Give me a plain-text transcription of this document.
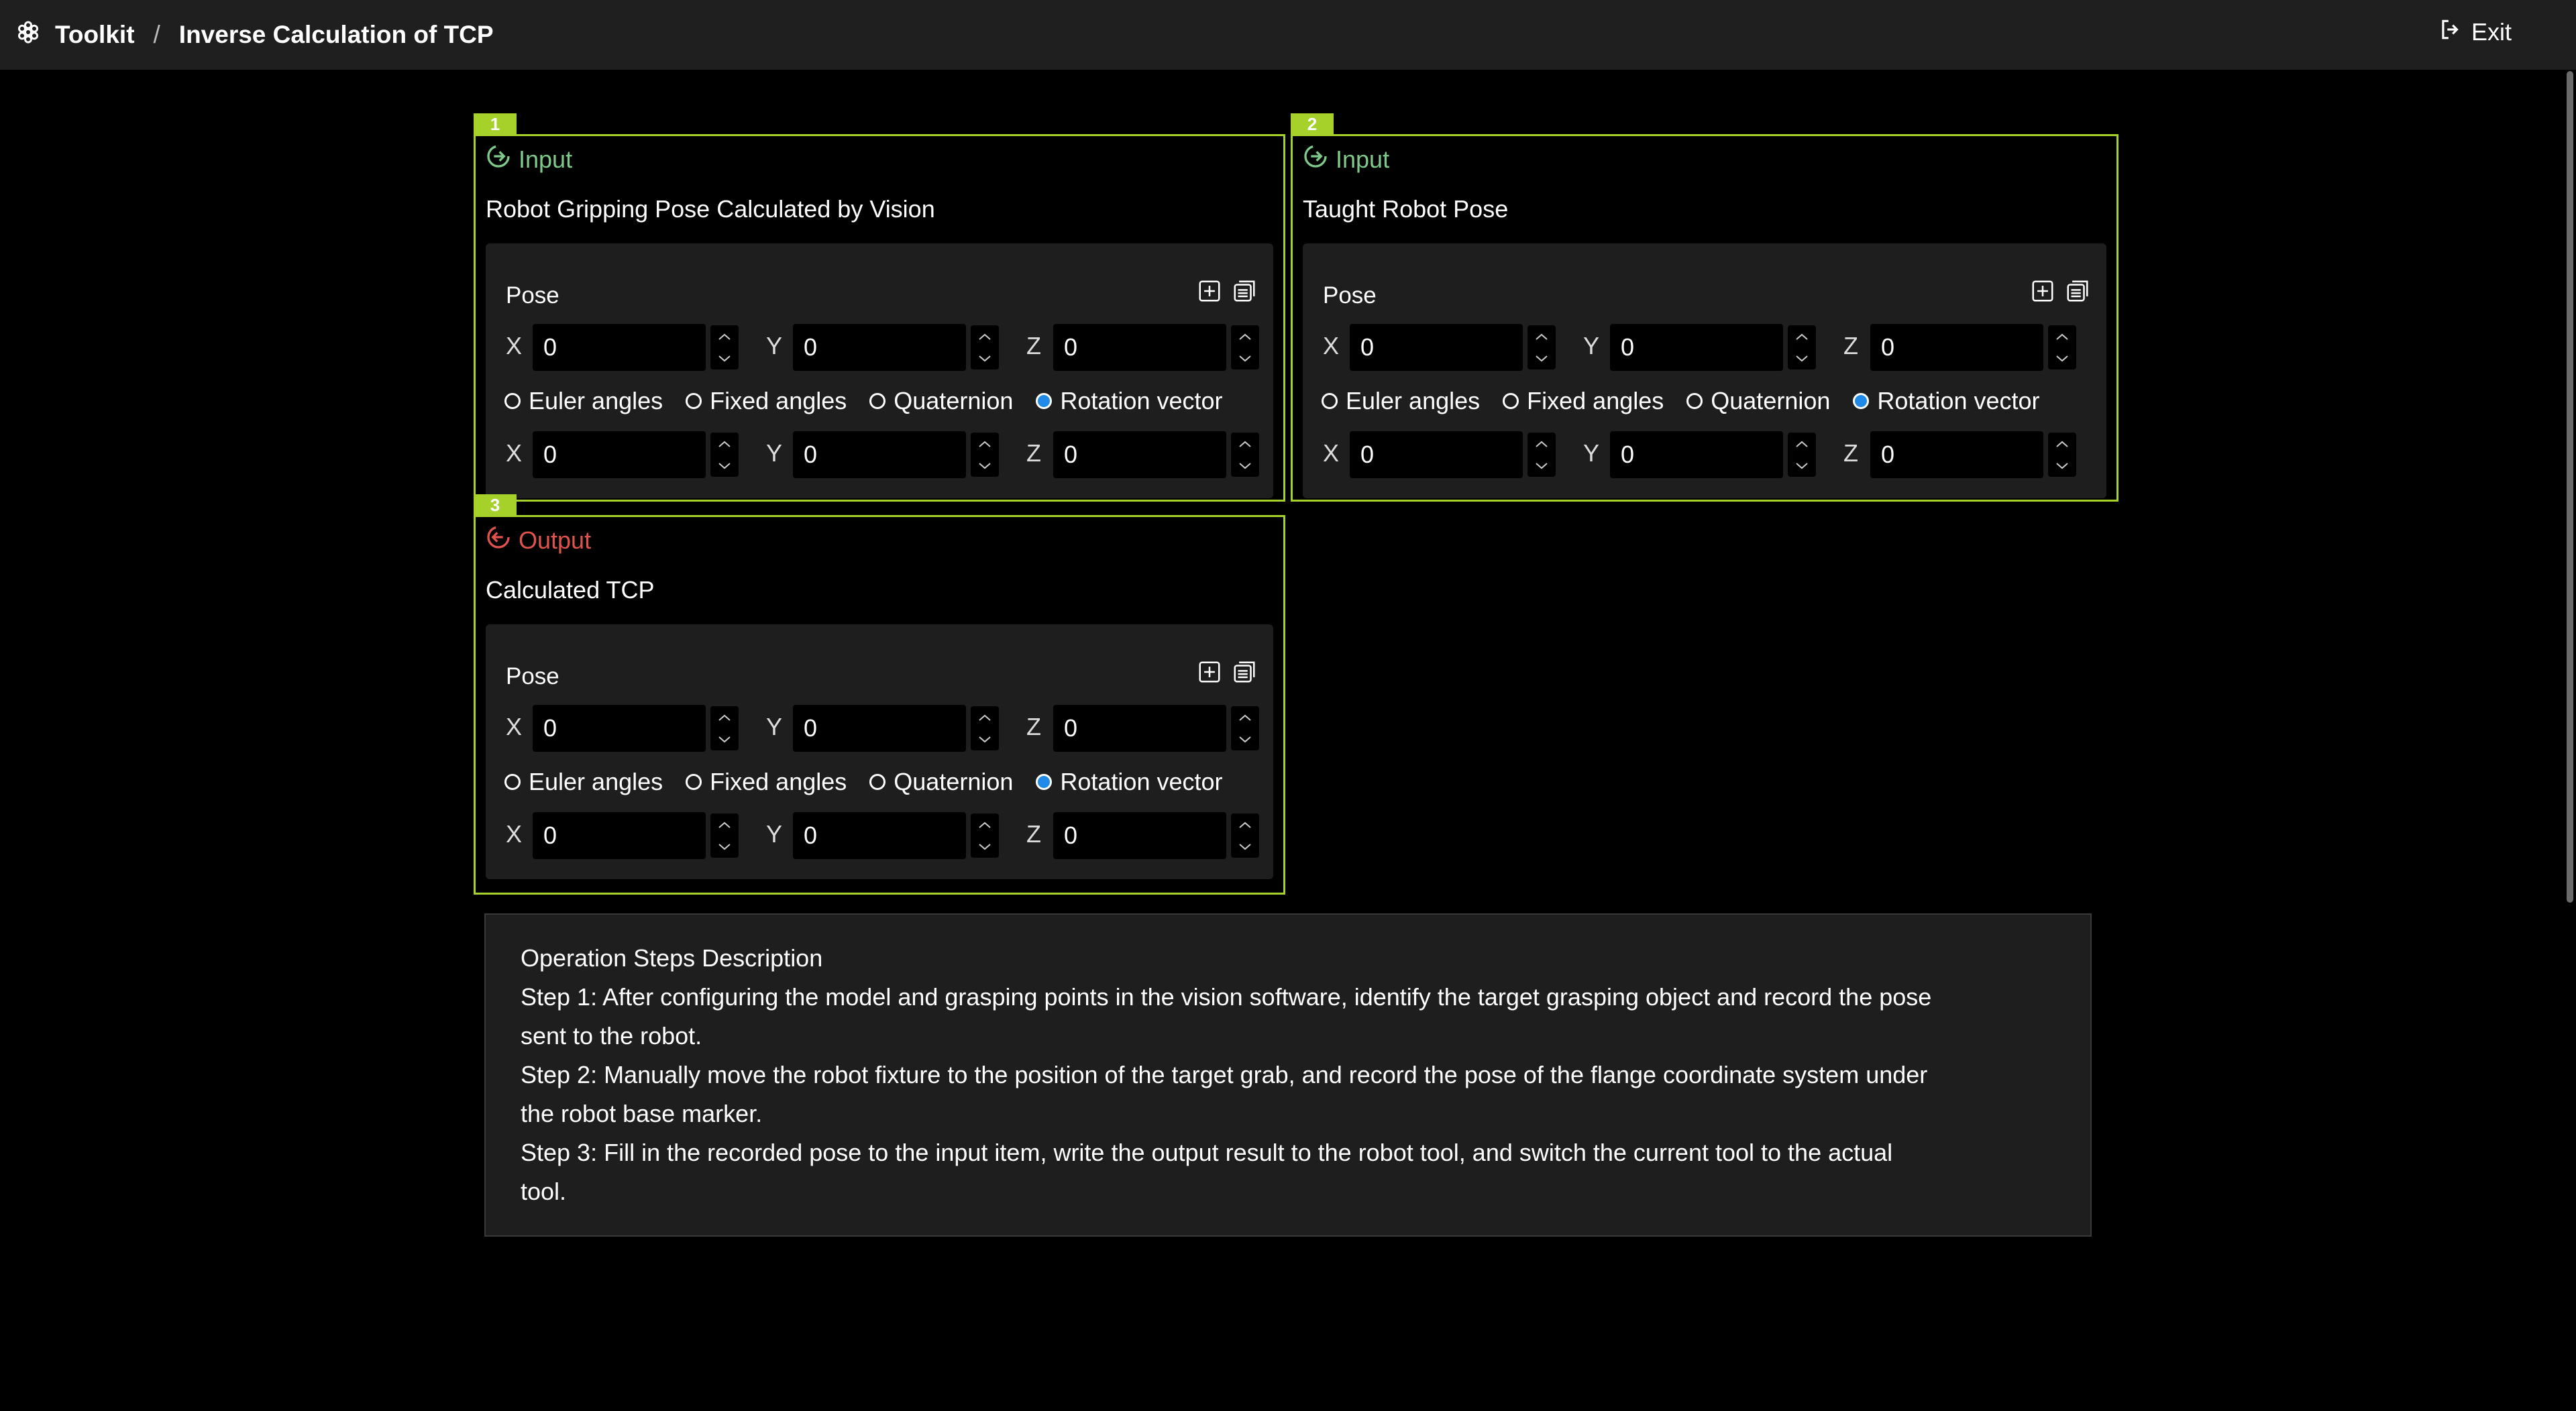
Toolkit / Inverse Calculation of TCP	Exit
1
Input
Robot Gripping Pose Calculated by Vision
Pose
X 0	Y 0	Z 0
Euler angles Fixed angles Quaternion Rotation vector
X 0	Y 0	Z 0
2
Input
Taught Robot Pose
Pose
X 0	Y 0	Z 0
Euler angles Fixed angles Quaternion Rotation vector
X 0	Y 0	Z 0
3
Output
Calculated TCP
Pose
X 0	Y 0	Z 0
Euler angles Fixed angles Quaternion Rotation vector
X 0	Y 0	Z 0
Operation Steps Description
Step 1: After configuring the model and grasping points in the vision software, identify the target grasping object and record the pose sent to the robot.
Step 2: Manually move the robot fixture to the position of the target grab, and record the pose of the flange coordinate system under the robot base marker.
Step 3: Fill in the recorded pose to the input item, write the output result to the robot tool, and switch the current tool to the actual tool.
